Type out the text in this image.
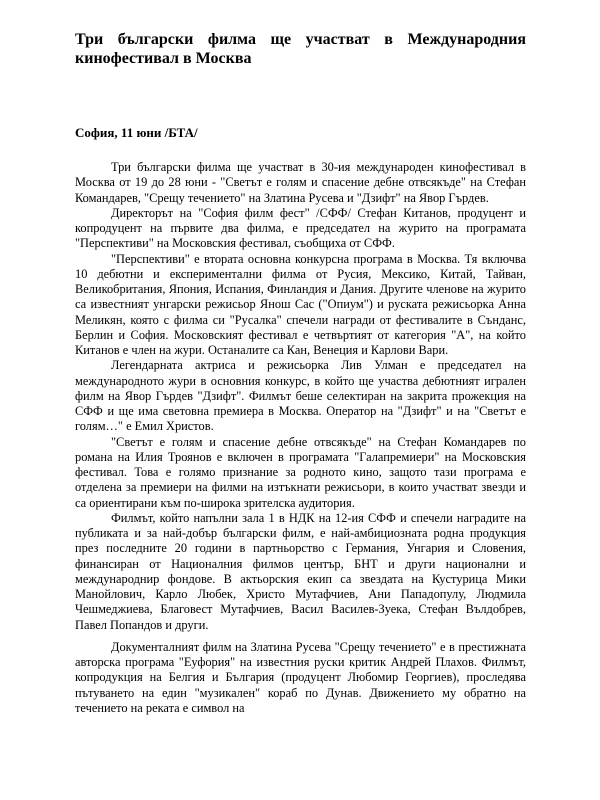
Три български филма ще участват в Международния кинофестивал в Москва

София, 11 юни /БТА/

Три български филма ще участват в 30-ия международен кинофестивал в Москва от 19 до 28 юни - "Светът е голям и спасение дебне отвсякъде" на Стефан Командарев, "Срещу течението" на Златина Русева и "Дзифт" на Явор Гърдев.

Директорът на "София филм фест" /СФФ/ Стефан Китанов, продуцент и копродуцент на първите два филма, е председател на журито на програмата "Перспективи" на Московския фестивал, съобщиха от СФФ.

"Перспективи" е втората основна конкурсна програма в Москва. Тя включва 10 дебютни и експериментални филма от Русия, Мексико, Китай, Тайван, Великобритания, Япония, Испания, Финландия и Дания. Другите членове на журито са известният унгарски режисьор Янош Сас ("Опиум") и руската режисьорка Анна Меликян, която с филма си "Русалка" спечели награди от фестивалите в Сънданс, Берлин и София. Московският фестивал е четвъртият от категория "А", на който Китанов е член на жури. Останалите са Кан, Венеция и Карлови Вари.

Легендарната актриса и режисьорка Лив Улман е председател на международното жури в основния конкурс, в който ще участва дебютният игрален филм на Явор Гърдев "Дзифт". Филмът беше селектиран на закрита прожекция на СФФ и ще има световна премиера в Москва. Оператор на "Дзифт" и на "Светът е голям…" е Емил Христов.

"Светът е голям и спасение дебне отвсякъде" на Стефан Командарев по романа на Илия Троянов е включен в програмата "Галапремиери" на Московския фестивал. Това е голямо признание за родното кино, защото тази програма е отделена за премиери на филми на изтъкнати режисьори, в които участват звезди и са ориентирани към по-широка зрителска аудитория.

Филмът, който напълни зала 1 в НДК на 12-ия СФФ и спечели наградите на публиката и за най-добър български филм, е най-амбициозната родна продукция през последните 20 години в партньорство с Германия, Унгария и Словения, финансиран от Националния филмов център, БНТ и други национални и международнир фондове. В актьорския екип са звездата на Кустурица Мики Манойлович, Карло Любек, Христо Мутафчиев, Ани Пападопулу, Людмила Чешмеджиева, Благовест Мутафчиев, Васил Василев-Зуека, Стефан Вълдобрев, Павел Попандов и други.

Документалният филм на Златина Русева "Срещу течението" е в престижната авторска програма "Еуфория" на известния руски критик Андрей Плахов. Филмът, копродукция на Белгия и България (продуцент Любомир Георгиев), проследява пътуването на един "музикален" кораб по Дунав. Движението му обратно на течението на реката е символ на
